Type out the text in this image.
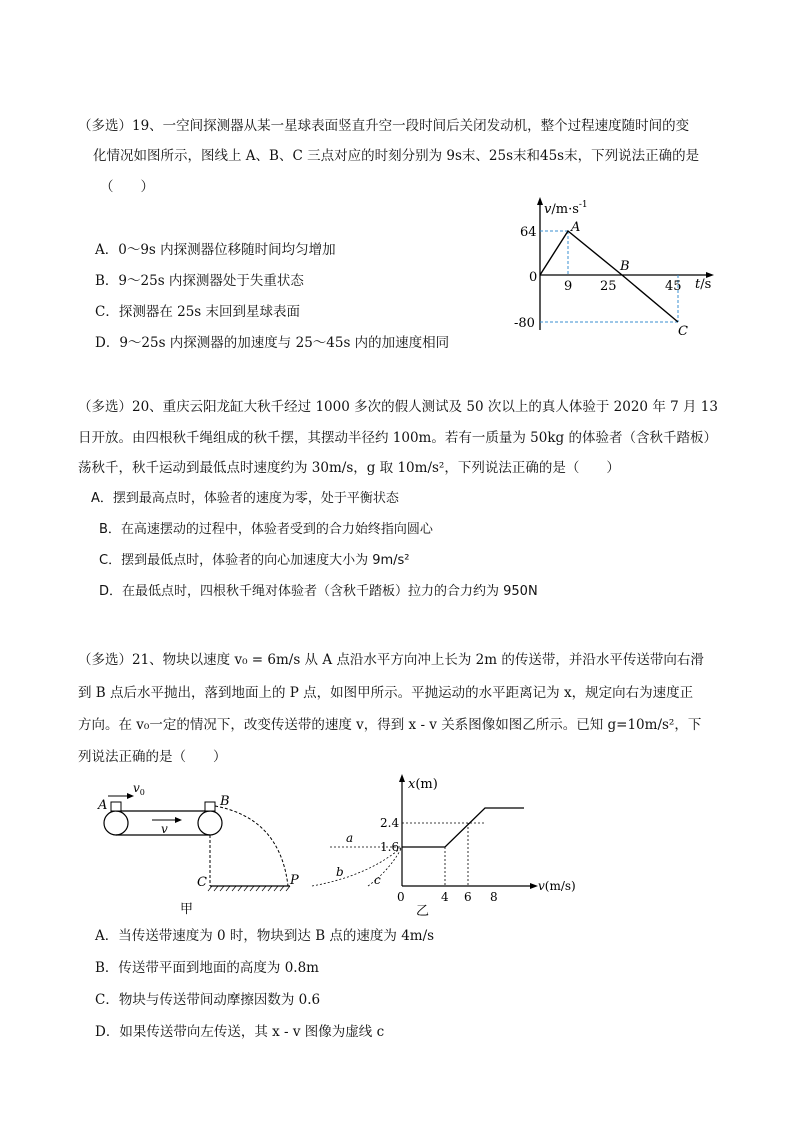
（多选）19、一空间探测器从某一星球表面竖直升空一段时间后关闭发动机，整个过程速度随时间的变
化情况如图所示，图线上 A、B、C 三点对应的时刻分别为 9s末、25s末和45s末，下列说法正确的是
（　　）
A．0～9s 内探测器位移随时间均匀增加
B．9～25s 内探测器处于失重状态
C．探测器在 25s 末回到星球表面
D．9～25s 内探测器的加速度与 25～45s 内的加速度相同
$v/m\cdot s^{-1}$
A
B
C
0
64
-80
9 25	45 t/s
（多选）20、重庆云阳龙缸大秋千经过 1000 多次的假人测试及 50 次以上的真人体验于 2020 年 7 月 13
日开放。由四根秋千绳组成的秋千摆，其摆动半径约 100m。若有一质量为 50kg 的体验者（含秋千踏板）
荡秋千，秋千运动到最低点时速度约为 30m/s，g 取 10m/s²，下列说法正确的是（　　）
A．摆到最高点时，体验者的速度为零，处于平衡状态
B．在高速摆动的过程中，体验者受到的合力始终指向圆心
C．摆到最低点时，体验者的向心加速度大小为 9m/s²
D．在最低点时，四根秋千绳对体验者（含秋千踏板）拉力的合力约为 950N
（多选）21、物块以速度 v₀ = 6m/s 从 A 点沿水平方向冲上长为 2m 的传送带，并沿水平传送带向右滑
到 B 点后水平抛出，落到地面上的 P 点，如图甲所示。平抛运动的水平距离记为 x，规定向右为速度正
方向。在 v₀一定的情况下，改变传送带的速度 v，得到 x - v 关系图像如图乙所示。已知 g=10m/s²，下
列说法正确的是（　　）
A	B
C	P
$v_0$
v
甲
x(m)
2.4
1.6
0	4 6 8
v(m/s)
a
b
c
乙
A．当传送带速度为 0 时，物块到达 B 点的速度为 4m/s
B．传送带平面到地面的高度为 0.8m
C．物块与传送带间动摩擦因数为 0.6
D．如果传送带向左传送，其 x - v 图像为虚线 c
